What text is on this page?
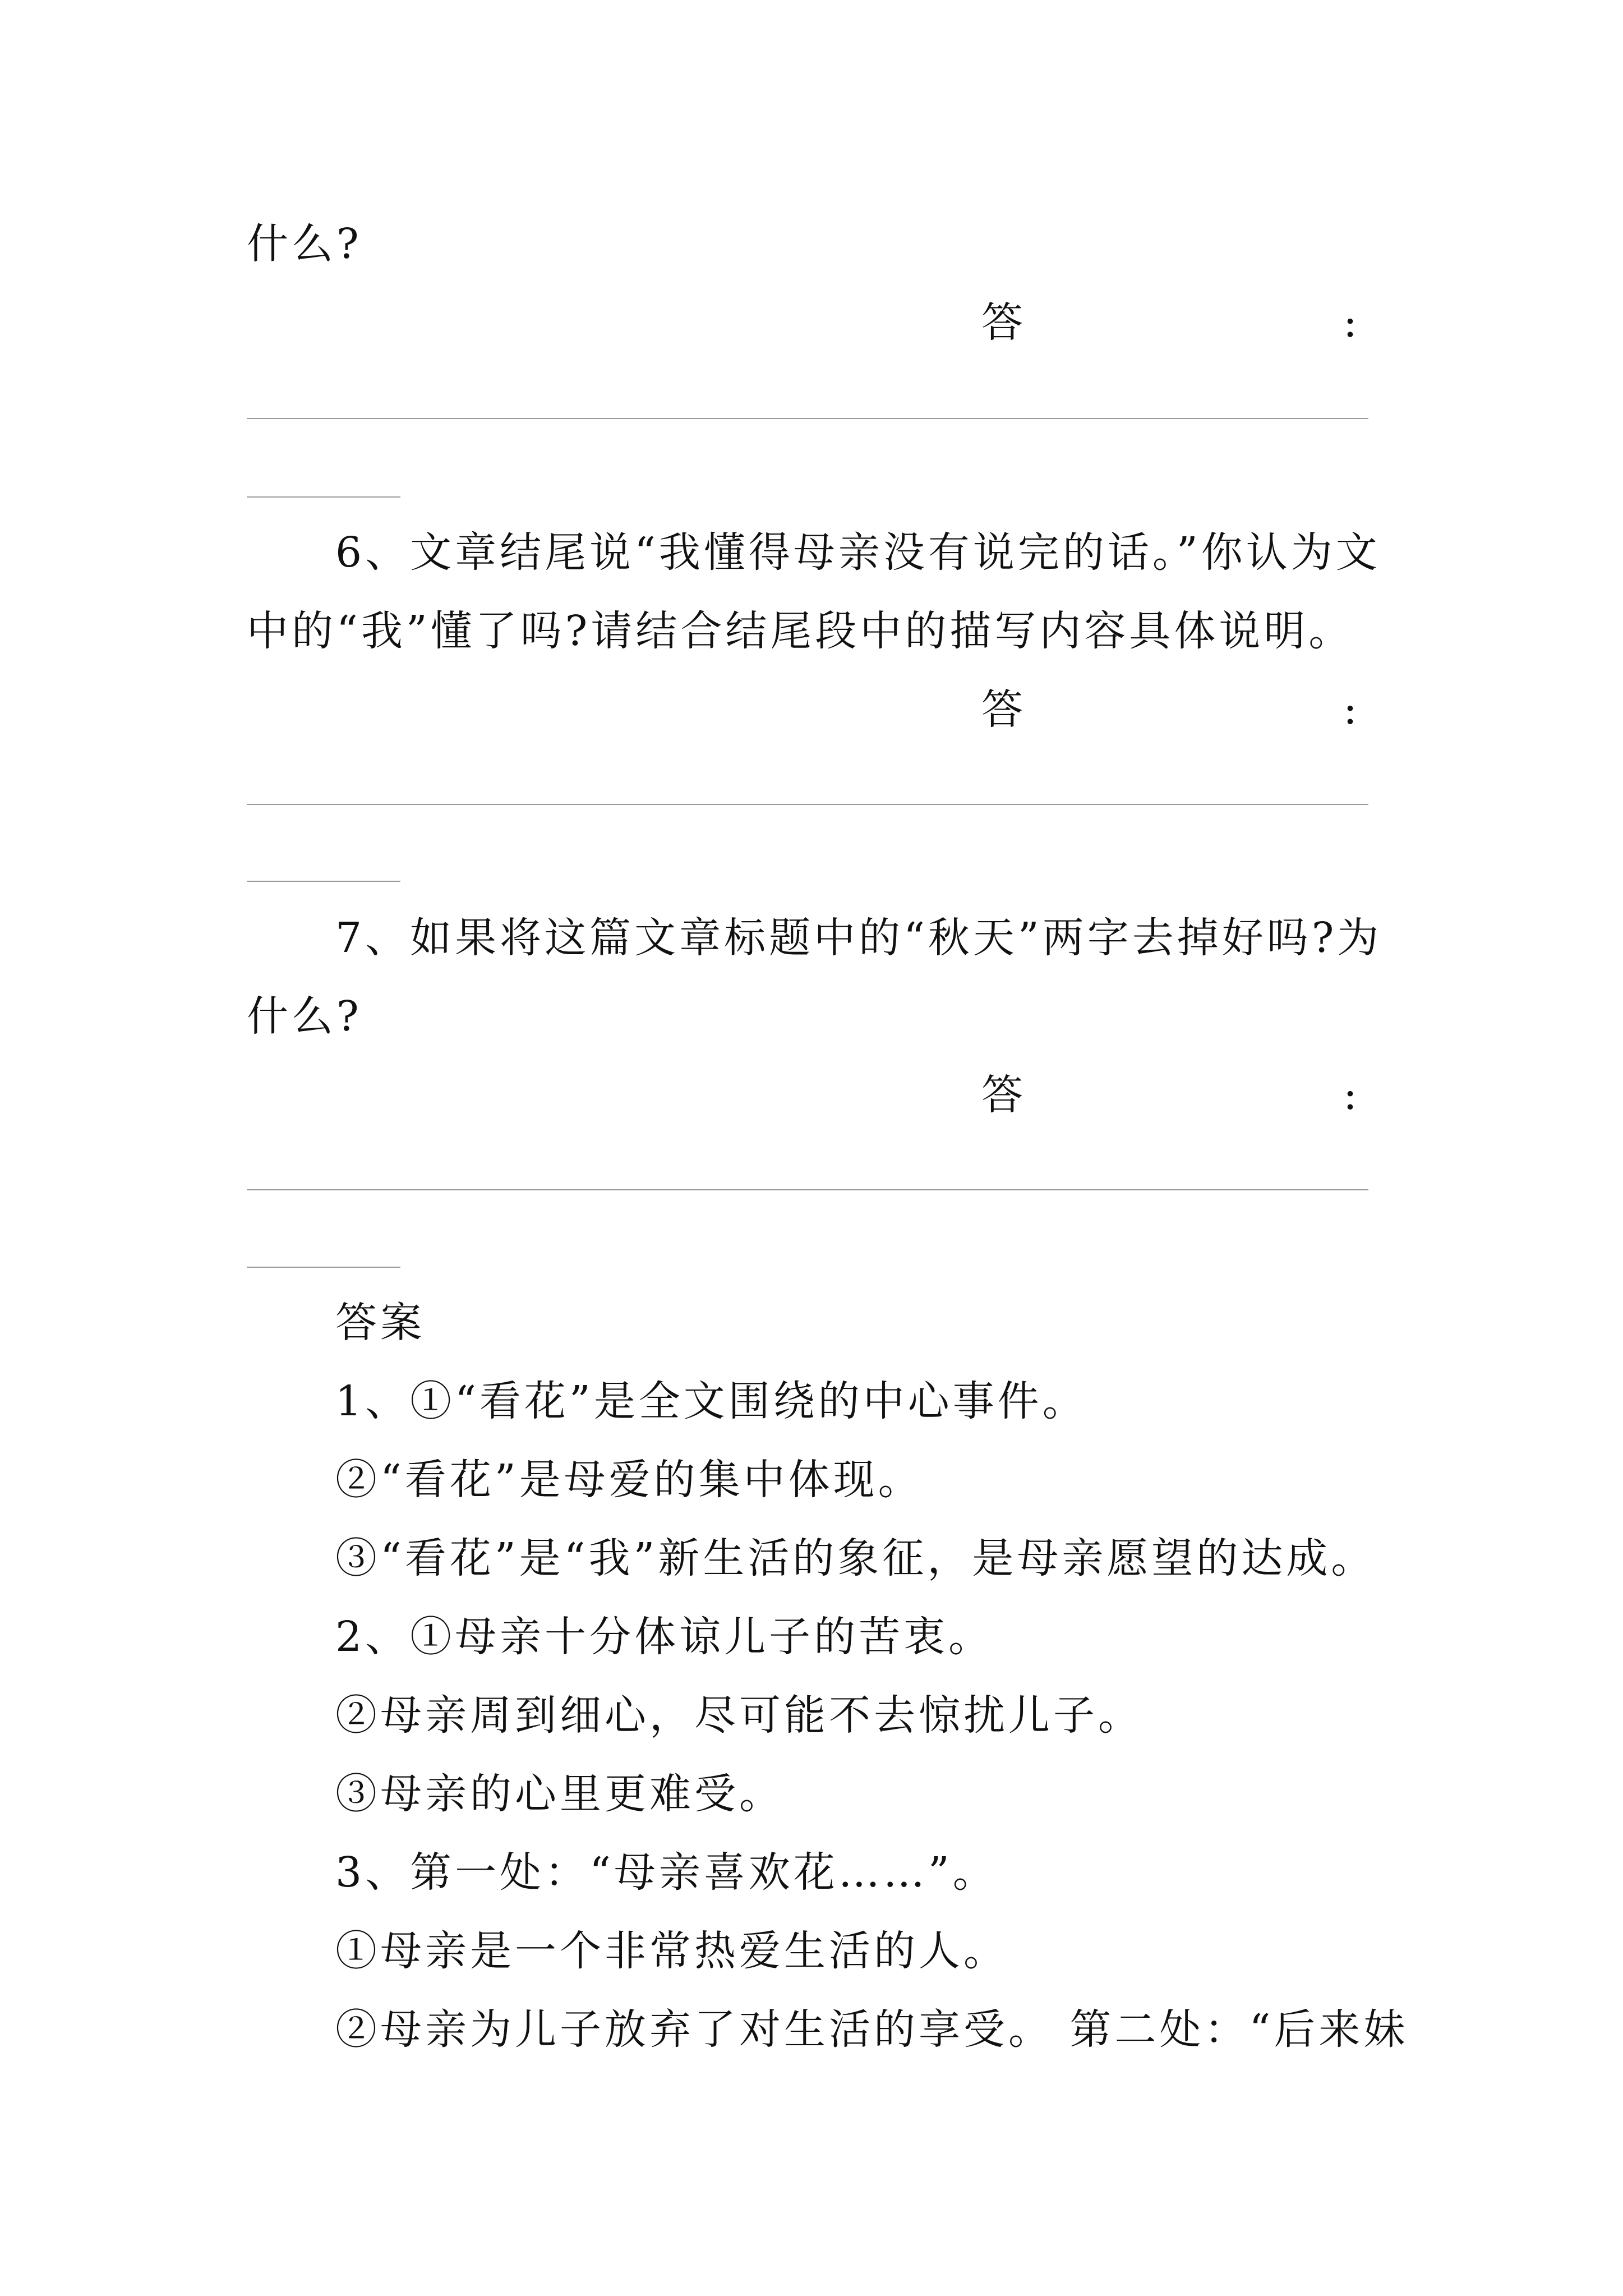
什么?
答	:
6、文章结尾说“我懂得母亲没有说完的话。”你认为文
中的“我”懂了吗?请结合结尾段中的描写内容具体说明。
答	:
7、如果将这篇文章标题中的“秋天”两字去掉好吗?为
什么?
答	:
答案
1、①“看花”是全文围绕的中心事件。
②“看花”是母爱的集中体现。
③“看花”是“我”新生活的象征，是母亲愿望的达成。
2、①母亲十分体谅儿子的苦衷。
②母亲周到细心，尽可能不去惊扰儿子。
③母亲的心里更难受。
3、第一处：“母亲喜欢花……”。
①母亲是一个非常热爱生活的人。
②母亲为儿子放弃了对生活的享受。 第二处：“后来妹
